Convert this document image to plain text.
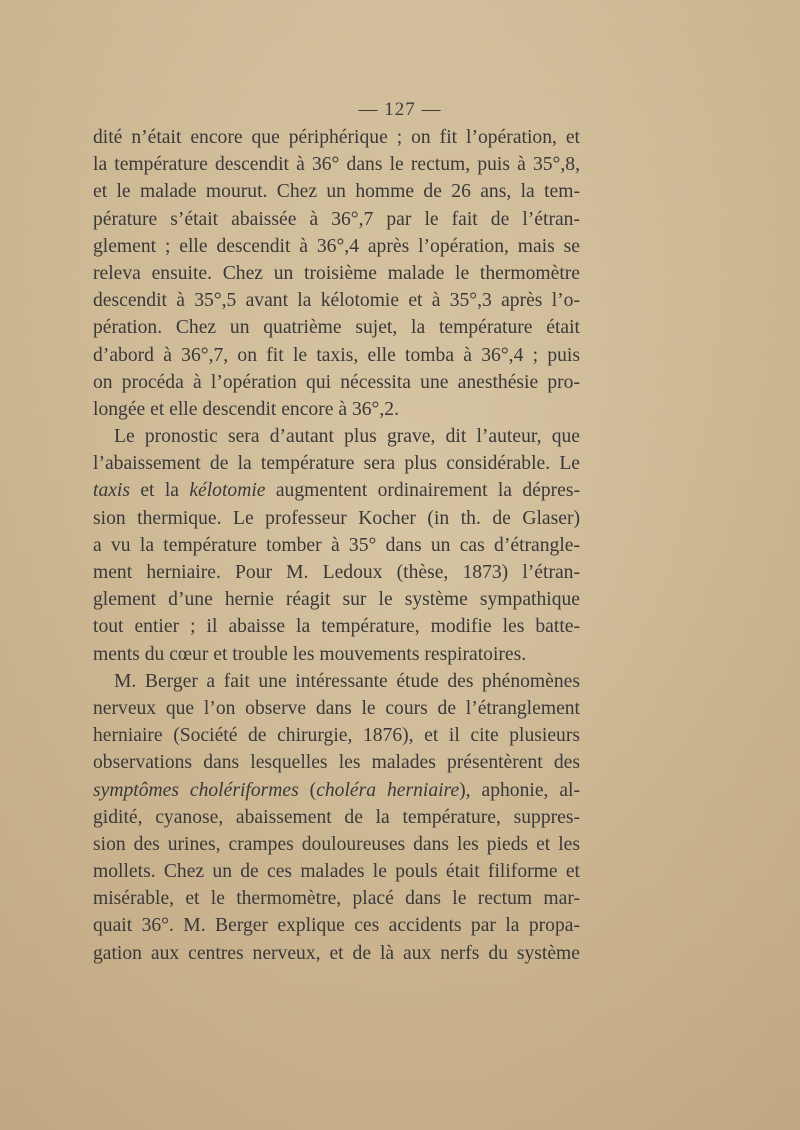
— 127 —
dité n’était encore que périphérique ; on fit l’opération, et
la température descendit à 36° dans le rectum, puis à 35°,8,
et le malade mourut. Chez un homme de 26 ans, la tem-
pérature s’était abaissée à 36°,7 par le fait de l’étran-
glement ; elle descendit à 36°,4 après l’opération, mais se
releva ensuite. Chez un troisième malade le thermomètre
descendit à 35°,5 avant la kélotomie et à 35°,3 après l’o-
pération. Chez un quatrième sujet, la température était
d’abord à 36°,7, on fit le taxis, elle tomba à 36°,4 ; puis
on procéda à l’opération qui nécessita une anesthésie pro-
longée et elle descendit encore à 36°,2.
Le pronostic sera d’autant plus grave, dit l’auteur, que
l’abaissement de la température sera plus considérable. Le
taxis et la kélotomie augmentent ordinairement la dépres-
sion thermique. Le professeur Kocher (in th. de Glaser)
a vu la température tomber à 35° dans un cas d’étrangle-
ment herniaire. Pour M. Ledoux (thèse, 1873) l’étran-
glement d’une hernie réagit sur le système sympathique
tout entier ; il abaisse la température, modifie les batte-
ments du cœur et trouble les mouvements respiratoires.
M. Berger a fait une intéressante étude des phénomènes
nerveux que l’on observe dans le cours de l’étranglement
herniaire (Société de chirurgie, 1876), et il cite plusieurs
observations dans lesquelles les malades présentèrent des
symptômes cholériformes (choléra herniaire), aphonie, al-
gidité, cyanose, abaissement de la température, suppres-
sion des urines, crampes douloureuses dans les pieds et les
mollets. Chez un de ces malades le pouls était filiforme et
misérable, et le thermomètre, placé dans le rectum mar-
quait 36°. M. Berger explique ces accidents par la propa-
gation aux centres nerveux, et de là aux nerfs du système
